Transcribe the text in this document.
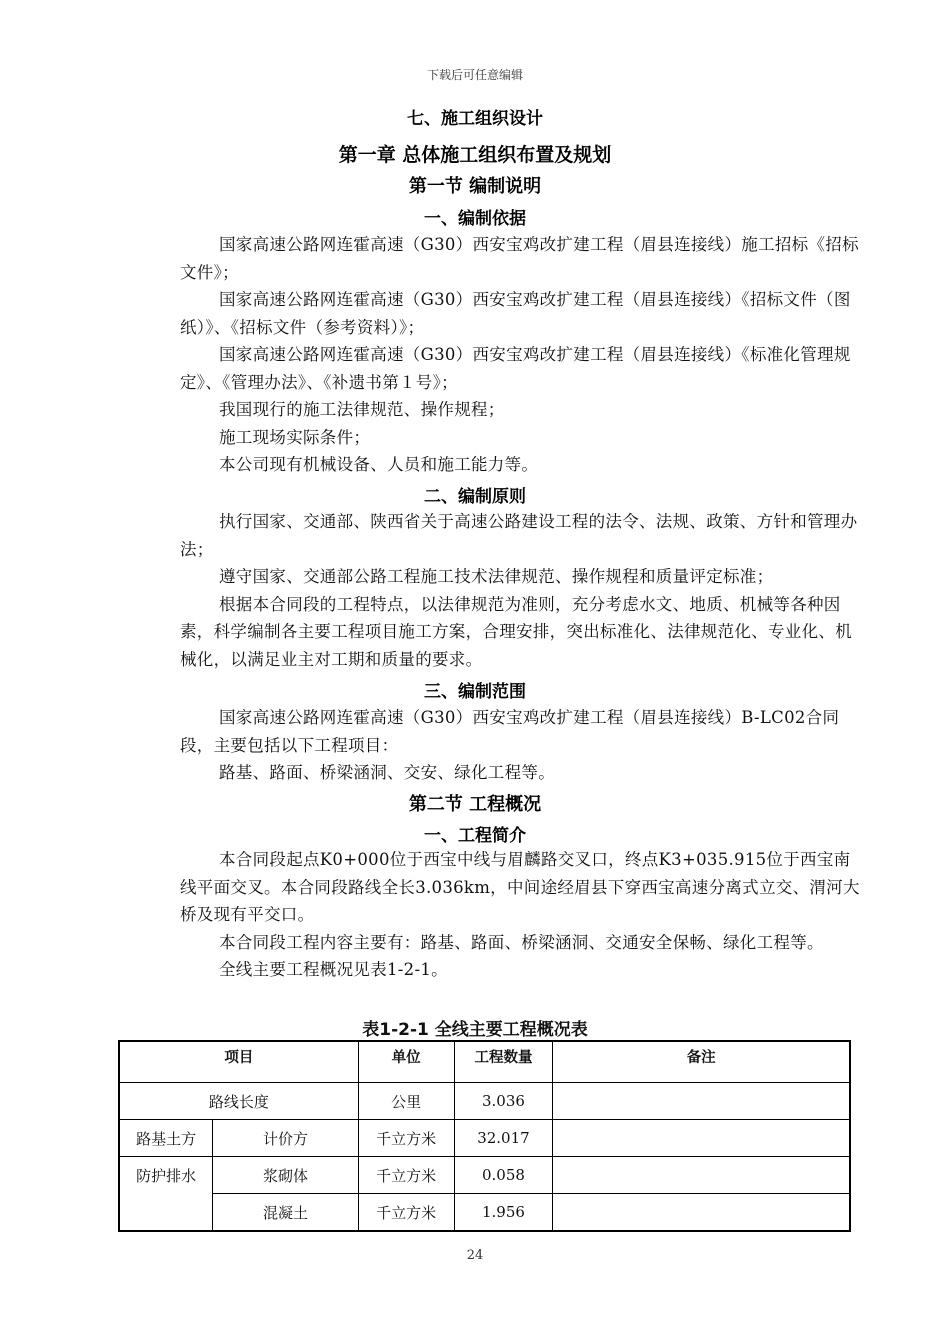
下载后可任意编辑
七、施工组织设计
第一章 总体施工组织布置及规划
第一节 编制说明
一、编制依据

国家高速公路网连霍高速（G30）西安宝鸡改扩建工程（眉县连接线）施工招标《招标文件》；

国家高速公路网连霍高速（G30）西安宝鸡改扩建工程（眉县连接线）《招标文件（图纸）》、《招标文件（参考资料）》；

国家高速公路网连霍高速（G30）西安宝鸡改扩建工程（眉县连接线）《标准化管理规定》、《管理办法》、《补遗书第１号》；

我国现行的施工法律规范、操作规程；

施工现场实际条件；

本公司现有机械设备、人员和施工能力等。

二、编制原则

执行国家、交通部、陕西省关于高速公路建设工程的法令、法规、政策、方针和管理办法；

遵守国家、交通部公路工程施工技术法律规范、操作规程和质量评定标准；

根据本合同段的工程特点，以法律规范为准则，充分考虑水文、地质、机械等各种因素，科学编制各主要工程项目施工方案，合理安排，突出标准化、法律规范化、专业化、机械化，以满足业主对工期和质量的要求。

三、编制范围

国家高速公路网连霍高速（G30）西安宝鸡改扩建工程（眉县连接线）B-LC02合同段，主要包括以下工程项目：

路基、路面、桥梁涵洞、交安、绿化工程等。

第二节 工程概况
一、工程简介

本合同段起点K0+000位于西宝中线与眉麟路交叉口，终点K3+035.915位于西宝南线平面交叉。本合同段路线全长3.036km，中间途经眉县下穿西宝高速分离式立交、渭河大桥及现有平交口。

本合同段工程内容主要有：路基、路面、桥梁涵洞、交通安全保畅、绿化工程等。

全线主要工程概况见表1-2-1。

表1-2-1 全线主要工程概况表
项目		单位	工程数量	备注
路线长度		公里	3.036	
路基土方	计价方	千立方米	32.017	
防护排水	浆砌体	千立方米	0.058	
	混凝土	千立方米	1.956	
24
